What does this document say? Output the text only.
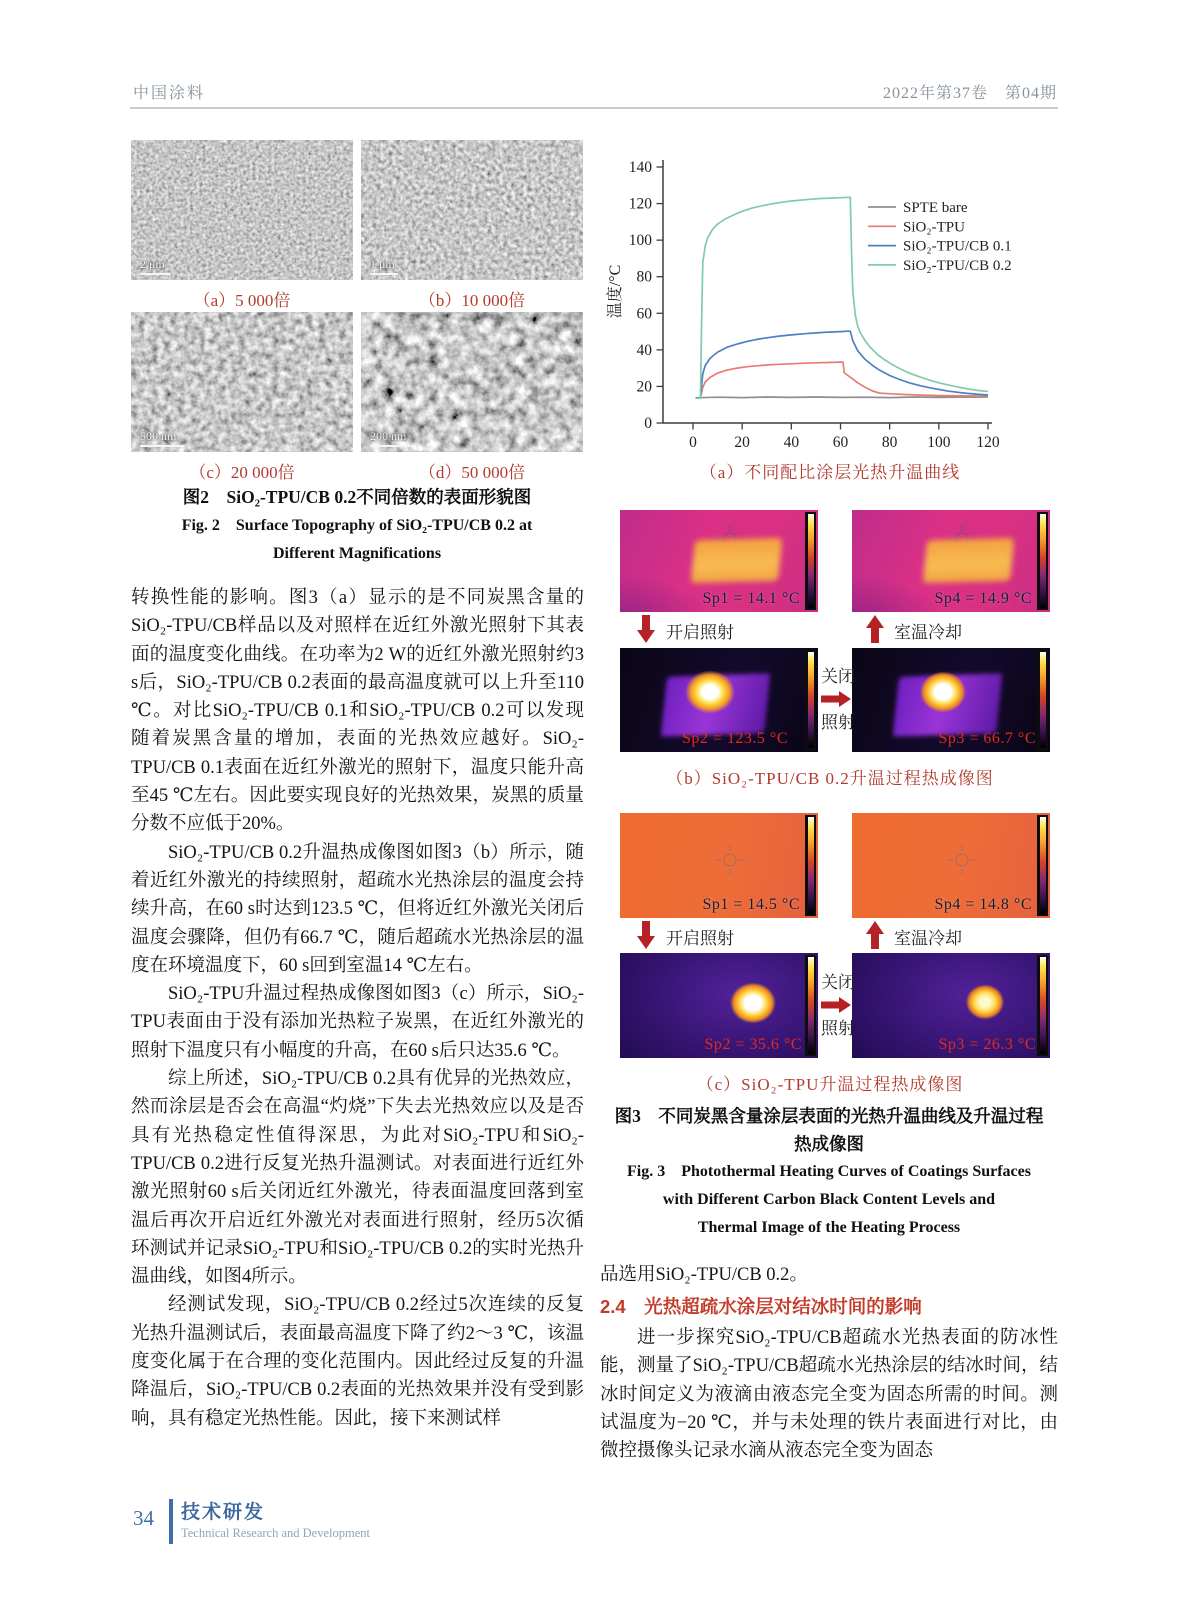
中国涂料	2022年第37卷　第04期
2 μm	1 μm
（a）5 000倍	（b）10 000倍
500 nm	200 nm
（c）20 000倍	（d）50 000倍
图2　SiO₂-TPU/CB 0.2不同倍数的表面形貌图
Fig. 2　Surface Topography of SiO₂-TPU/CB 0.2 at
Different Magnifications

转换性能的影响。图3（a）显示的是不同炭黑含量的SiO₂-TPU/CB样品以及对照样在近红外激光照射下其表面的温度变化曲线。在功率为2 W的近红外激光照射约3 s后，SiO₂-TPU/CB 0.2表面的最高温度就可以上升至110 ℃。对比SiO₂-TPU/CB 0.1和SiO₂-TPU/CB 0.2可以发现随着炭黑含量的增加，表面的光热效应越好。SiO₂-TPU/CB 0.1表面在近红外激光的照射下，温度只能升高至45 ℃左右。因此要实现良好的光热效果，炭黑的质量分数不应低于20%。

SiO₂-TPU/CB 0.2升温热成像图如图3（b）所示，随着近红外激光的持续照射，超疏水光热涂层的温度会持续升高，在60 s时达到123.5 ℃，但将近红外激光关闭后温度会骤降，但仍有66.7 ℃，随后超疏水光热涂层的温度在环境温度下，60 s回到室温14 ℃左右。

SiO₂-TPU升温过程热成像图如图3（c）所示，SiO₂-TPU表面由于没有添加光热粒子炭黑，在近红外激光的照射下温度只有小幅度的升高，在60 s后只达35.6 ℃。

综上所述，SiO₂-TPU/CB 0.2具有优异的光热效应，然而涂层是否会在高温“灼烧”下失去光热效应以及是否具有光热稳定性值得深思，为此对SiO₂-TPU和SiO₂-TPU/CB 0.2进行反复光热升温测试。对表面进行近红外激光照射60 s后关闭近红外激光，待表面温度回落到室温后再次开启近红外激光对表面进行照射，经历5次循环测试并记录SiO₂-TPU和SiO₂-TPU/CB 0.2的实时光热升温曲线，如图4所示。

经测试发现，SiO₂-TPU/CB 0.2经过5次连续的反复光热升温测试后，表面最高温度下降了约2～3 ℃，该温度变化属于在合理的变化范围内。因此经过反复的升温降温后，SiO₂-TPU/CB 0.2表面的光热效果并没有受到影响，具有稳定光热性能。因此，接下来测试样

0
20
40
60
80
100
120
140
0 20 40 60 80 100 120
温度/°C
SPTE bare
SiO₂-TPU
SiO₂-TPU/CB 0.1
SiO₂-TPU/CB 0.2
（a）不同配比涂层光热升温曲线
Sp1 = 14.1 °C	Sp4 = 14.9 °C
开启照射	室温冷却
Sp2 = 123.5 °C	Sp3 = 66.7 °C
关闭
照射
（b）SiO₂-TPU/CB 0.2升温过程热成像图
Sp1 = 14.5 °C	Sp4 = 14.8 °C
开启照射	室温冷却
Sp2 = 35.6 °C	Sp3 = 26.3 °C
关闭
照射
（c）SiO₂-TPU升温过程热成像图
图3　不同炭黑含量涂层表面的光热升温曲线及升温过程
热成像图
Fig. 3　Photothermal Heating Curves of Coatings Surfaces
with Different Carbon Black Content Levels and
Thermal Image of the Heating Process

品选用SiO₂-TPU/CB 0.2。

2.4　光热超疏水涂层对结冰时间的影响

进一步探究SiO₂-TPU/CB超疏水光热表面的防冰性能，测量了SiO₂-TPU/CB超疏水光热涂层的结冰时间，结冰时间定义为液滴由液态完全变为固态所需的时间。测试温度为−20 ℃，并与未处理的铁片表面进行对比，由微控摄像头记录水滴从液态完全变为固态

34 技术研发
Technical Research and Development
